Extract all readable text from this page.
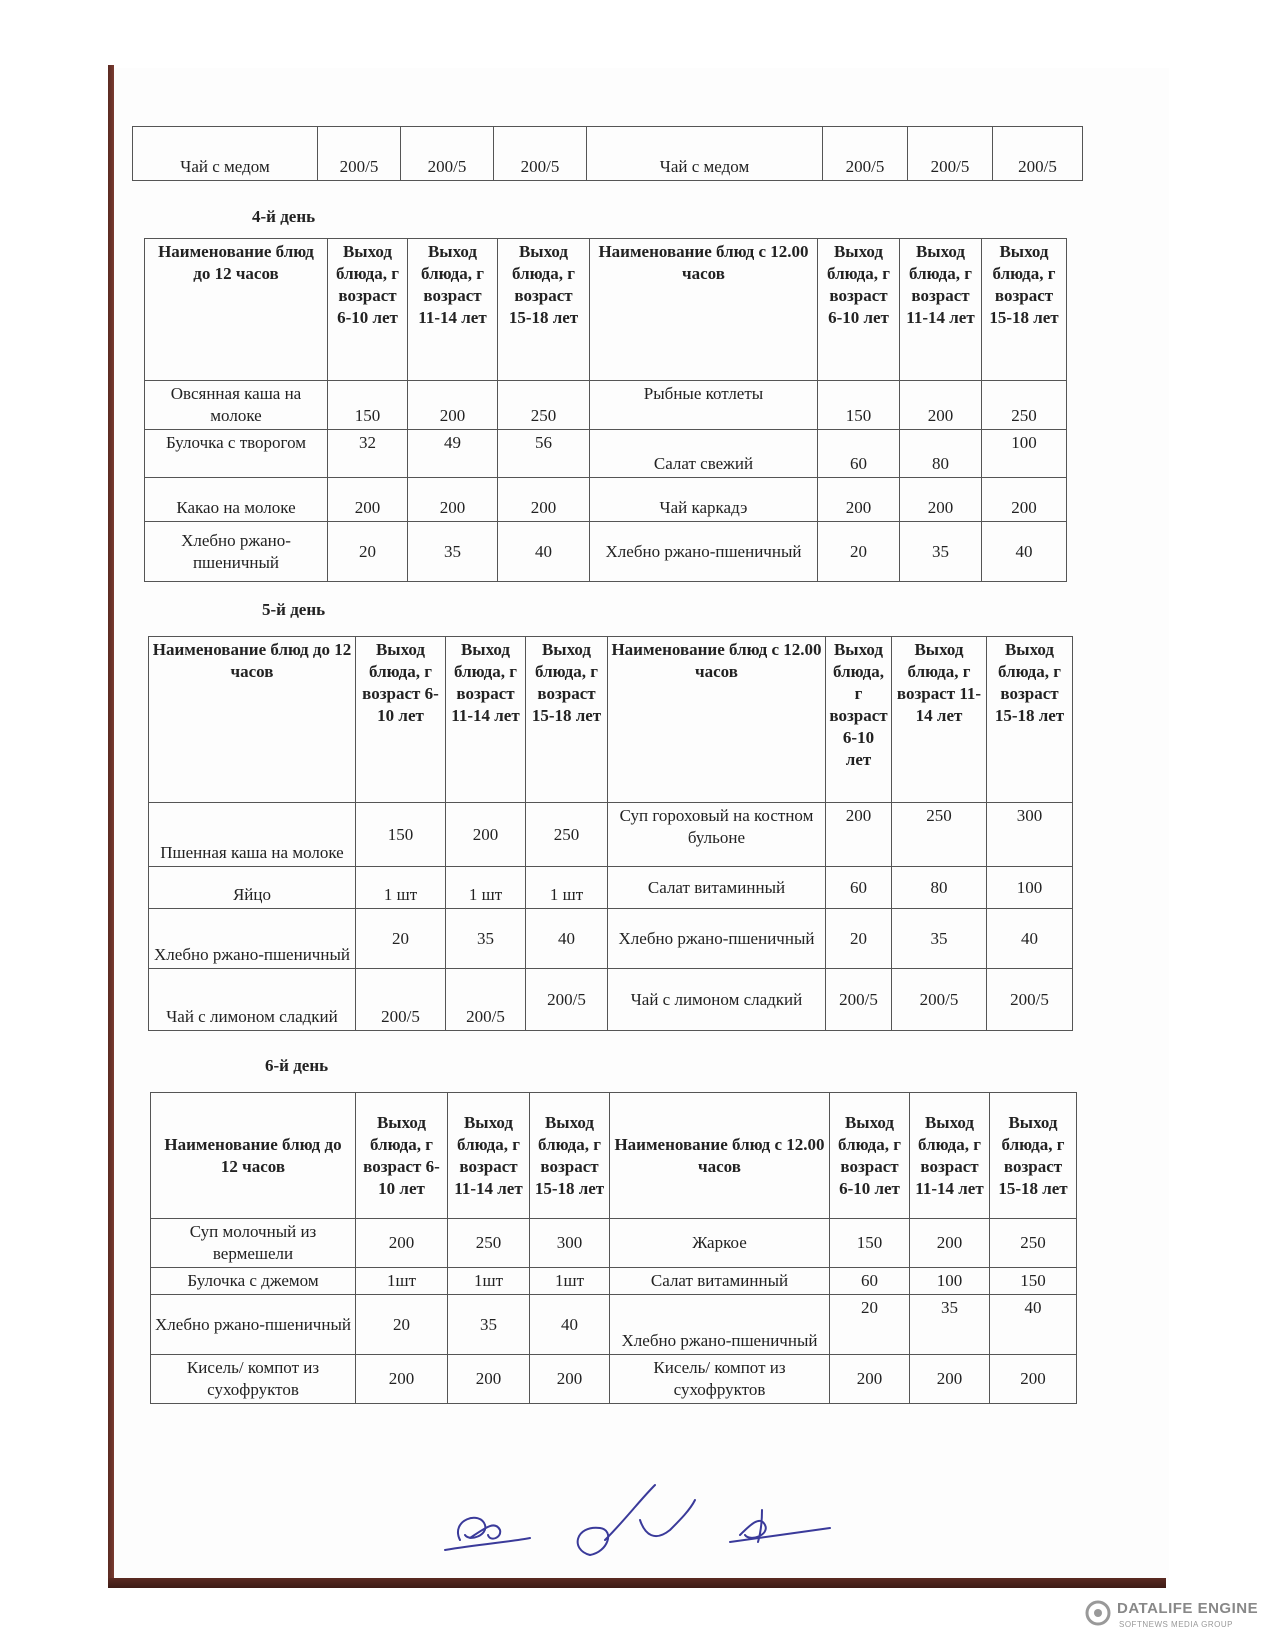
Чай с медом	200/5	200/5	200/5	Чай с медом	200/5	200/5	200/5
4-й день
Наименование блюд до 12 часов	Выход блюда, г возраст 6-10 лет	Выход блюда, г возраст 11-14 лет	Выход блюда, г возраст 15-18 лет	Наименование блюд с 12.00 часов	Выход блюда, г возраст 6-10 лет	Выход блюда, г возраст 11-14 лет	Выход блюда, г возраст 15-18 лет
Овсянная каша на молоке	150	200	250	Рыбные котлеты	150	200	250
Булочка с творогом	32	49	56	Салат свежий	60	80	100
Какао на молоке	200	200	200	Чай каркадэ	200	200	200
Хлебно ржано-пшеничный	20	35	40	Хлебно ржано-пшеничный	20	35	40
5-й день
Наименование блюд до 12 часов	Выход блюда, г возраст 6-10 лет	Выход блюда, г возраст 11-14 лет	Выход блюда, г возраст 15-18 лет	Наименование блюд с 12.00 часов	Выход блюда, г возраст 6-10 лет	Выход блюда, г возраст 11-14 лет	Выход блюда, г возраст 15-18 лет
Пшенная каша на молоке	150	200	250	Суп гороховый на костном бульоне	200	250	300
Яйцо	1 шт	1 шт	1 шт	Салат витаминный	60	80	100
Хлебно ржано-пшеничный	20	35	40	Хлебно ржано-пшеничный	20	35	40
Чай с лимоном сладкий	200/5	200/5	200/5	Чай с лимоном сладкий	200/5	200/5	200/5
6-й день
Наименование блюд до 12 часов	Выход блюда, г возраст 6-10 лет	Выход блюда, г возраст 11-14 лет	Выход блюда, г возраст 15-18 лет	Наименование блюд с 12.00 часов	Выход блюда, г возраст 6-10 лет	Выход блюда, г возраст 11-14 лет	Выход блюда, г возраст 15-18 лет
Суп молочный из вермешели	200	250	300	Жаркое	150	200	250
Булочка с джемом	1шт	1шт	1шт	Салат витаминный	60	100	150
Хлебно ржано-пшеничный	20	35	40	Хлебно ржано-пшеничный	20	35	40
Кисель/ компот из сухофруктов	200	200	200	Кисель/ компот из сухофруктов	200	200	200
DATALIFE ENGINE
SOFTNEWS MEDIA GROUP
